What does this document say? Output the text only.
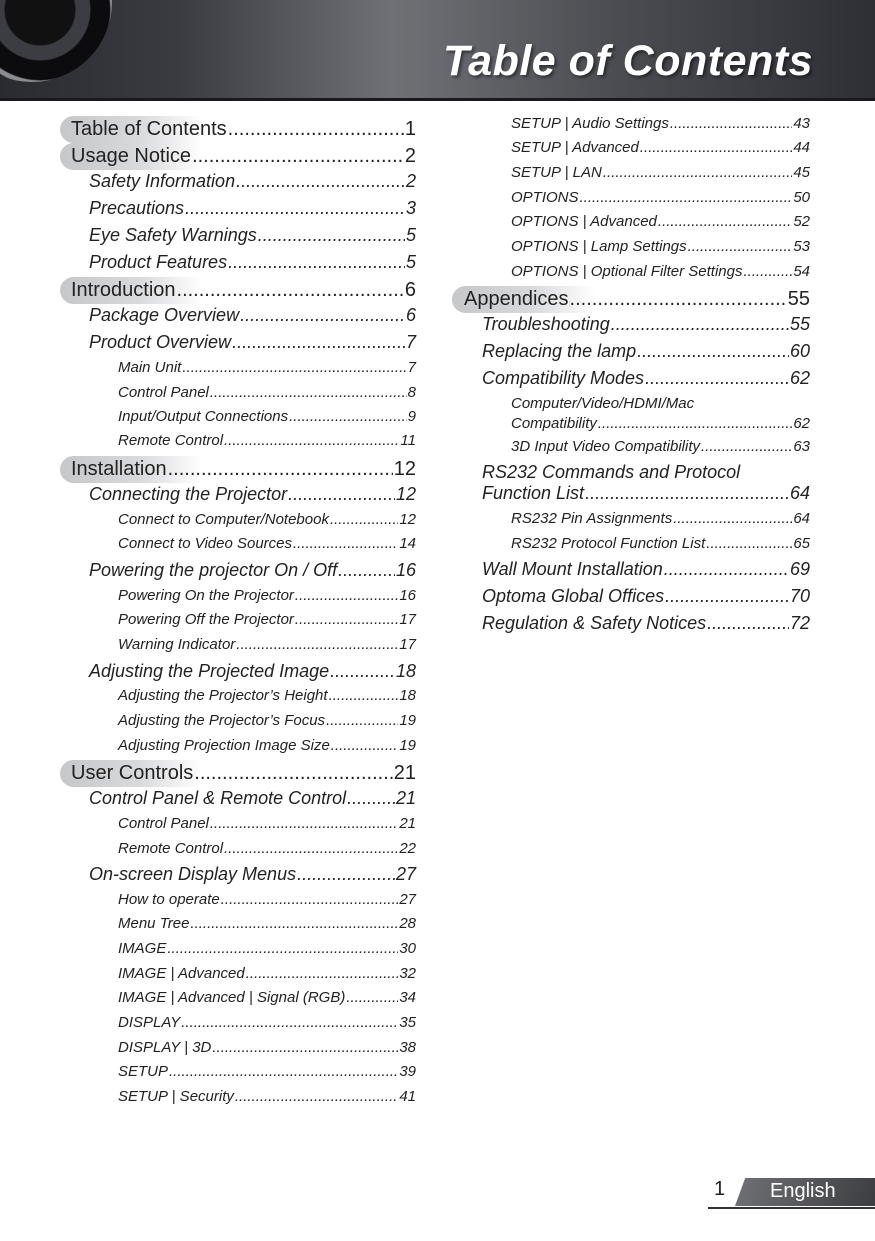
Table of Contents
Table of Contents .....	1
Usage Notice .....	2
Safety Information .....	2
Precautions .....	3
Eye Safety Warnings .....	5
Product Features .....	5
Introduction .....	6
Package Overview .....	6
Product Overview .....	7
Main Unit .....	7
Control Panel .....	8
Input/Output Connections .....	9
Remote Control .....	11
Installation .....	12
Connecting the Projector .....	12
Connect to Computer/Notebook .....	12
Connect to Video Sources .....	14
Powering the projector On / Off .....	16
Powering On the Projector .....	16
Powering Off the Projector .....	17
Warning Indicator .....	17
Adjusting the Projected Image .....	18
Adjusting the Projector’s Height .....	18
Adjusting the Projector’s Focus .....	19
Adjusting Projection Image Size .....	19
User Controls .....	21
Control Panel & Remote Control .....	21
Control Panel .....	21
Remote Control .....	22
On-screen Display Menus .....	27
How to operate .....	27
Menu Tree .....	28
IMAGE .....	30
IMAGE | Advanced .....	32
IMAGE | Advanced | Signal (RGB) .....	34
DISPLAY .....	35
DISPLAY | 3D .....	38
SETUP .....	39
SETUP | Security .....	41
SETUP | Audio Settings .....	43
SETUP | Advanced .....	44
SETUP | LAN .....	45
OPTIONS .....	50
OPTIONS | Advanced .....	52
OPTIONS | Lamp Settings .....	53
OPTIONS | Optional Filter Settings .....	54
Appendices .....	55
Troubleshooting .....	55
Replacing the lamp .....	60
Compatibility Modes .....	62
Computer/Video/HDMI/Mac
Compatibility .....	62
3D Input Video Compatibility .....	63
RS232 Commands and Protocol
Function List .....	64
RS232 Pin Assignments .....	64
RS232 Protocol Function List .....	65
Wall Mount Installation .....	69
Optoma Global Offices .....	70
Regulation & Safety Notices .....	72
1 English
